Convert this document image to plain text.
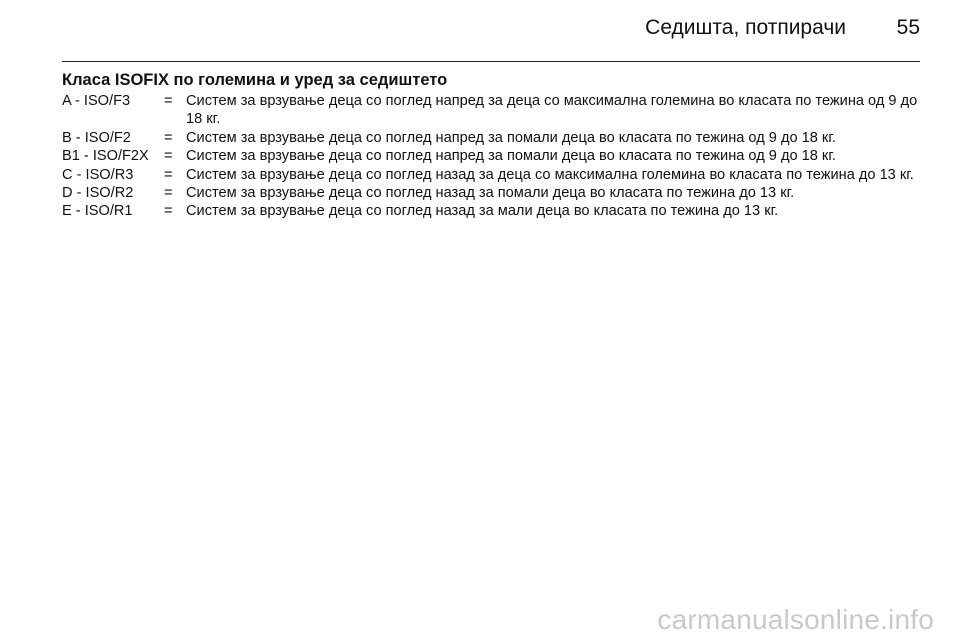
Седишта, потпирачи 55
Класа ISOFIX по големина и уред за седиштето
A - ISO/F3	= Систем за врзување деца со поглед напред за деца со максимална големина во класата по тежина од 9 до 18 кг.
B - ISO/F2	= Систем за врзување деца со поглед напред за помали деца во класата по тежина од 9 до 18 кг.
B1 - ISO/F2X	= Систем за врзување деца со поглед напред за помали деца во класата по тежина од 9 до 18 кг.
C - ISO/R3	= Систем за врзување деца со поглед назад за деца со максимална големина во класата по тежина до 13 кг.
D - ISO/R2	= Систем за врзување деца со поглед назад за помали деца во класата по тежина до 13 кг.
E - ISO/R1	= Систем за врзување деца со поглед назад за мали деца во класата по тежина до 13 кг.
carmanualsonline.info
